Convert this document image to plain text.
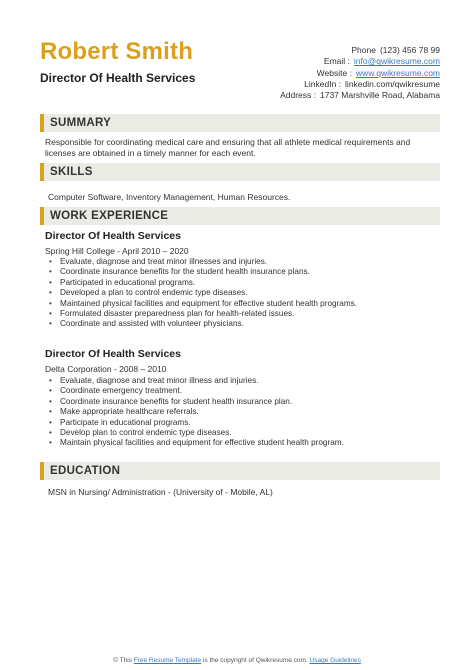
Robert Smith
Director Of Health Services
Phone (123) 456 78 99
Email : info@qwikresume.com
Website : www.qwikresume.com
LinkedIn : linkedin.com/qwikresume
Address : 1737 Marshville Road, Alabama
SUMMARY
Responsible for coordinating medical care and ensuring that all athlete medical requirements and licenses are obtained in a timely manner for each event.
SKILLS
Computer Software, Inventory Management, Human Resources.
WORK EXPERIENCE
Director Of Health Services
Spring Hill College - April 2010 – 2020
• Evaluate, diagnose and treat minor illnesses and injuries.
• Coordinate insurance benefits for the student health insurance plans.
• Participated in educational programs.
• Developed a plan to control endemic type diseases.
• Maintained physical facilities and equipment for effective student health programs.
• Formulated disaster preparedness plan for health-related issues.
• Coordinate and assisted with volunteer physicians.
Director Of Health Services
Delta Corporation - 2008 – 2010
• Evaluate, diagnose and treat minor illness and injuries.
• Coordinate emergency treatment.
• Coordinate insurance benefits for student health insurance plan.
• Make appropriate healthcare referrals.
• Participate in educational programs.
• Develop plan to control endemic type diseases.
• Maintain physical facilities and equipment for effective student health program.
EDUCATION
MSN in Nursing/ Administration - (University of - Mobile, AL)
© This Free Resume Template is the copyright of Qwikresume.com. Usage Guidelines
